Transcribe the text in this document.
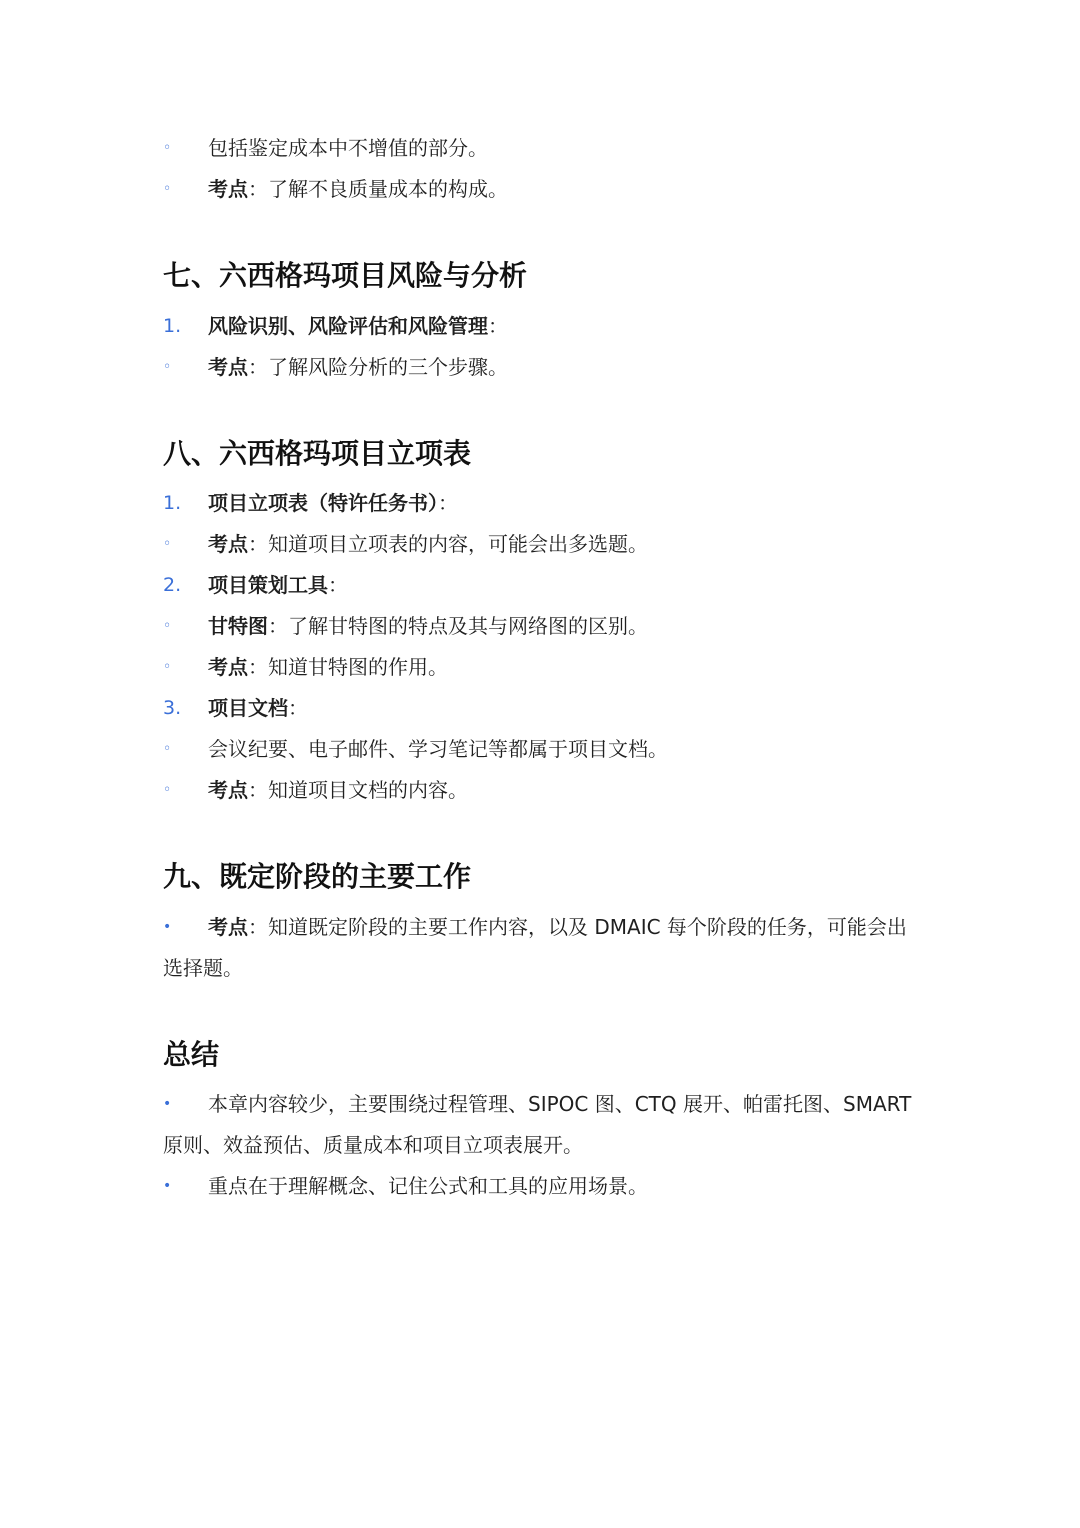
◦ 包括鉴定成本中不增值的部分。
◦ 考点：了解不良质量成本的构成。
七、六西格玛项目风险与分析
1. 风险识别、风险评估和风险管理：
◦ 考点：了解风险分析的三个步骤。
八、六西格玛项目立项表
1. 项目立项表（特许任务书）：
◦ 考点：知道项目立项表的内容，可能会出多选题。
2. 项目策划工具：
◦ 甘特图：了解甘特图的特点及其与网络图的区别。
◦ 考点：知道甘特图的作用。
3. 项目文档：
◦ 会议纪要、电子邮件、学习笔记等都属于项目文档。
◦ 考点：知道项目文档的内容。
九、既定阶段的主要工作
• 考点：知道既定阶段的主要工作内容，以及 DMAIC 每个阶段的任务，可能会出
选择题。
总结
• 本章内容较少，主要围绕过程管理、SIPOC 图、CTQ 展开、帕雷托图、SMART
原则、效益预估、质量成本和项目立项表展开。
• 重点在于理解概念、记住公式和工具的应用场景。
